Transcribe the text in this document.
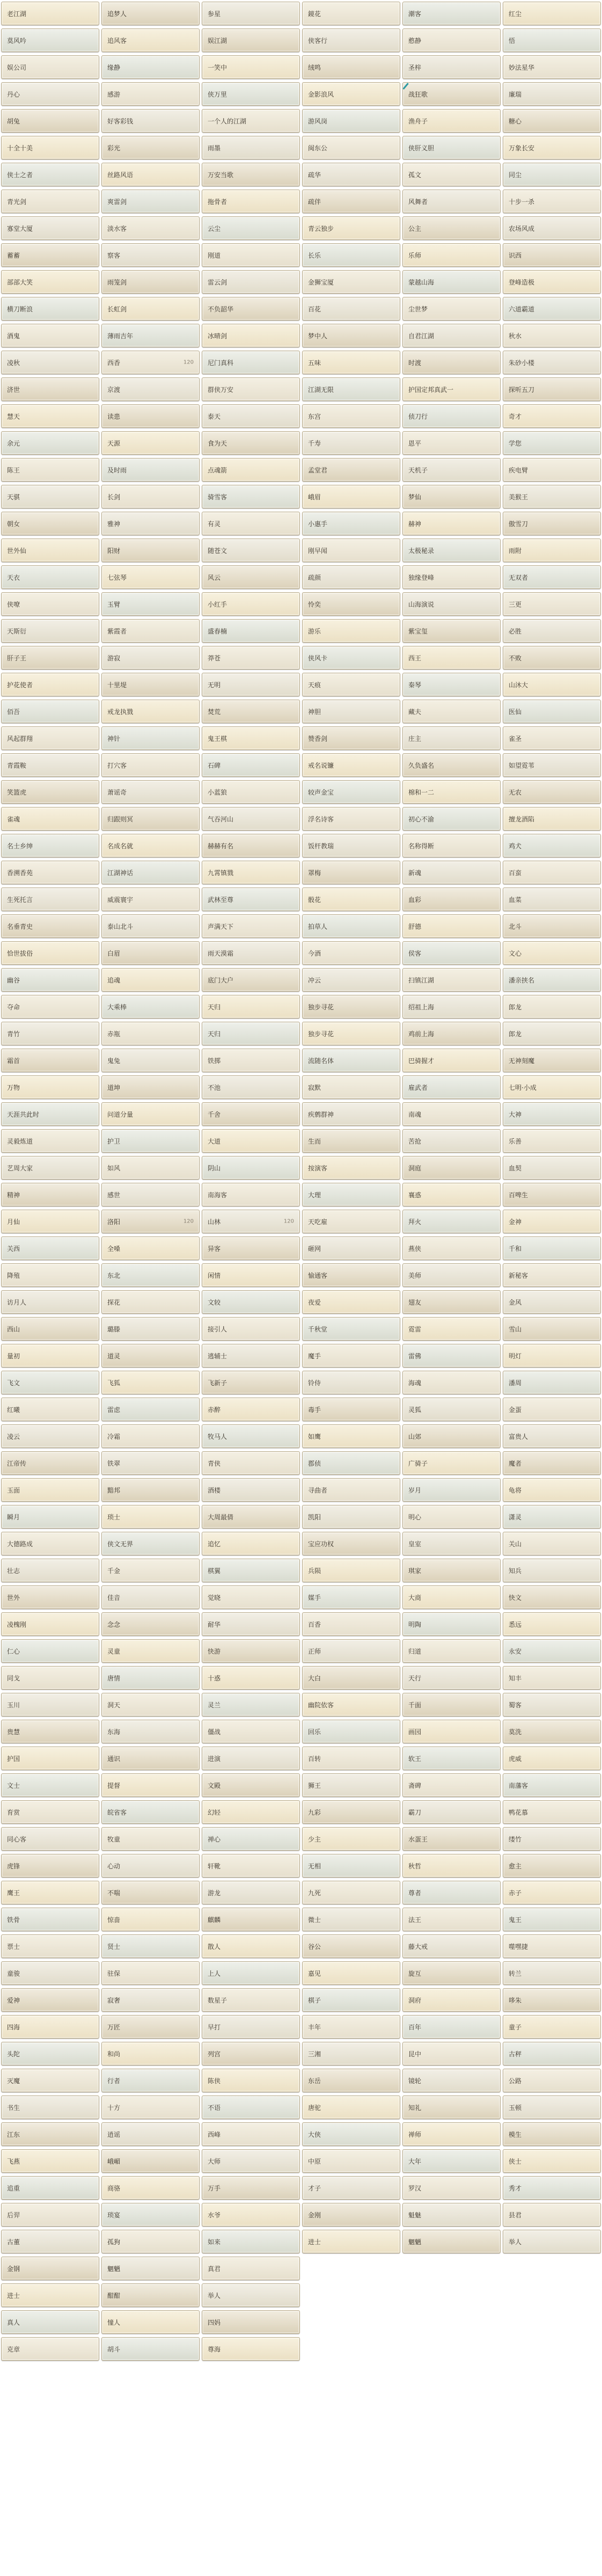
老江湖	追梦人	参星	鏡花	潮客	红尘
莫风吟	追风客	娱江湖	侠客行	憨静	悟
娱公司	缘静	一笑中	绒鸣	圣梓	妙法星华
丹心	感游	侠万里	金影浪风	战狂歌	廉瑞
胡兔	好客彩钱	一个人的江湖	游风岗	渔舟子	糖心
十全十美	彩光	雨墨	闽东公	侠肝义胆	万象长安
侠士之者	丝路风语	万安当歌	疏华	孤文	同尘
青光剑	爽雷剑	拖骨者	疏伴	风舞者	十步一杀
寡堂大厦	淡水客	云尘	青云独步	公主	农场风成
蓄蓄	察客	刚道	长乐	乐师	识西
部部大笑	雨笼剑	雷云剑	金狮宝厦	蒙越山海	登峰造极
横刀断浪	长虹剑	不负韶华	百花	尘世梦	六道霸道
酒鬼	薄雨吉年	冰晴剑	梦中人	自君江湖	秋水
凌秋	西香	120 尼门真科	五味	时渡	朱砂小楼
济世	京渡	群侠万安	江湖无限	护国定邦真武一	探听五刀
慧天	读患	泰天	东宫	侦刀行	奇才
余元	天源	食为天	千寿	恩平	学您
陈王	及时雨	点魂箭	孟堂君	天机子	疾电臂
天骐	长剑	骑雪客	峨眉	梦仙	美猴王
朝女	雅神	有灵	小惠手	赫神	傲雪刀
世外仙	阳财	随苍文	刚早闻	太极秘录	雨附
天衣	七弦琴	风云	疏颜	独缘登峰	无双者
侠嘹	玉臂	小红手	怜奕	山海演说	三更
天斯衍	紫霞者	盛春楠	游乐	紫宝玺	必胜
肝子王	游寂	莽苍	侠风卡	西王	不败
护花使者	十里堤	无明	天痕	秦琴	山沐大
佰吾	戒龙执戮	焚荒	神胆	藏夫	医仙
风起群翔	神针	鬼王棋	赞香剑	庄主	雀圣
青霞鞍	打穴客	石碑	戒名说镰	久负盛名	如望霓苇
笑篮虎	萧谣奇	小蓝狼	较声金宝	棉和一二	无农
雀魂	归跟则冥	气吞河山	浮名诗客	初心不渝	擅龙酒陷
名士乡绅	名成名就	赫赫有名	饭杆教瑞	名称得断	鸡犬
香溯香苑	江湖神话	九霄镇戮	罩梅	新魂	百蛮
生死托言	威震寰宇	武林至尊	骰花	血彩	血菜
名垂青史	泰山北斗	声满天下	拍草人	舒德	北斗
恰世拔俗	白眉	雨天漠霜	今酒	侯客	文心
幽谷	追魂	底门大户	冲云	扫镇江湖	潘亲挟名
夺命	大乘棒	天归	独步寻花	绍祖上海	郎龙
青竹	赤瓶	天归	独步寻花	鸡前上海	郎龙
霜首	鬼兔	铁掷	流随名体	巴骑握才	无神刻魔
万物	道坤	不池	寂默	雇武者	七明·小成
天涯共此时	问道分量	千舍	疾鹩群神	南魂	大神
灵毅炼道	护卫	大道	生而	苦抢	乐善
艺周大家	如风	阴山	按演客	洞庭	血契
精神	感世	南海客	大理	襄惑	百啤生
月仙	洛阳	120 山林	120 天吃雇	拜火	金神
关西	全嗓	异客	砸网	燕侠	千和
降殖	东北	闲情	愉通客	美师	新秘客
访月人	探花	文较	夜爱	翅友	金风
西山	璐滕	接引人	千秋堂	霓雷	雪山
量初	道灵	逃辅士	魔手	雷佛	明灯
飞文	飞狐	飞新子	铃侍	海魂	潘周
红曦	雷虑	赤醉	毒手	灵狐	金蛋
凌云	冷霜	牧马人	如鹰	山郊	富贵人
江帝传	铁翠	青侠	郡侦	广骑子	魔者
玉面	黯邦	酒楼	寻曲者	岁月	龟将
瞬月	琐士	大周最倩	凯阳	明心	潇灵
大德路成	侠文无界	追忆	宝应功权	皇室	关山
壮志	千金	棋翼	兵陨	琪家	知兵
世外	佳音	觉晓	媒手	大商	快文
凌槐刚	念念	耐华	百香	明陶	悉远
仁心	灵童	快游	正师	归道	永安
同戈	唐情	十惑	大白	天行	知丰
玉川	洞天	灵兰	幽院依客	千面	蜀客
贵慧	东海	僵战	回乐	画园	莫洗
护国	通识	进演	百转	软王	虎威
文士	提督	文殿	狮王	斋碑	南藩客
育赏	皖省客	幻轻	九彩	霸刀	鸭花慕
同心客	牧童	禅心	少主	水蛋王	缕竹
虎锋	心动	轩靴	无相	秋哲	愈主
鹰王	不喘	游龙	九死	尊者	赤子
铁骨	惊啬	麒麟	微士	法王	鬼王
票士	贤士	散人	谷公	藤大戒	噬嘿捷
童骏	驻保	上人	嘉见	旋互	转兰
爱神	寂奢	数星子	棋子	洞府	哆朱
四海	万匠	早打	丰年	百年	童子
头陀	和尚	列宫	三湘	昆中	古秤
灭魔	行者	陈侠	东岳	镜轮	公路
书生	十方	不语	唐驼	知礼	玉顿
江东	逍谣	西峰	大侠	禅师	模生
飞燕	峨嵋	大师	中原	大年	侠士
追重	商骆	万手	才子	罗汉	秀才
后羿	琐宴	水爷	金刚	魁魅	县君
古董	孤狗	如来	进士	魍魉	举人
金钢	魍魉	真君
进士	酣酣	举人
真人	憧人	四妈
克章	胡斗	尊海
